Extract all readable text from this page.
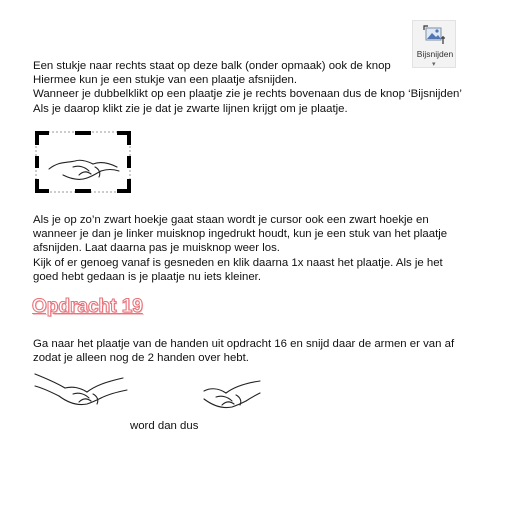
Bijsnijden
▾
Een stukje naar rechts staat op deze balk (onder opmaak) ook de knop
Hiermee kun je een stukje van een plaatje afsnijden.
Wanneer je dubbelklikt op een plaatje zie je rechts bovenaan dus de knop ‘Bijsnijden’
Als je daarop klikt zie je dat je zwarte lijnen krijgt om je plaatje.
Als je op zo’n zwart hoekje gaat staan wordt je cursor ook een zwart hoekje en
wanneer je dan je linker muisknop ingedrukt houdt, kun je een stuk van het plaatje
afsnijden. Laat daarna pas je muisknop weer los.
Kijk of er genoeg vanaf is gesneden en klik daarna 1x naast het plaatje. Als je het
goed hebt gedaan is je plaatje nu iets kleiner.
Opdracht 19
Ga naar het plaatje van de handen uit opdracht 16 en snijd daar de armen er van af
zodat je alleen nog de 2 handen over hebt.
word dan dus
